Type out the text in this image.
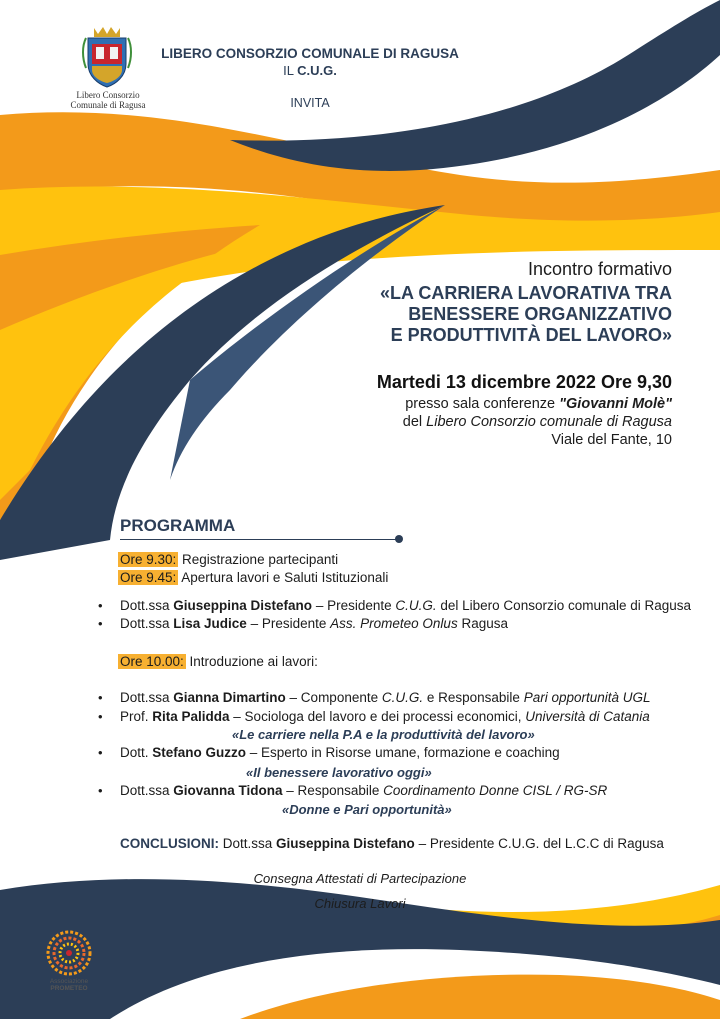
Libero Consorzio
Comunale di Ragusa
LIBERO CONSORZIO COMUNALE DI RAGUSA
IL C.U.G.
INVITA
Incontro formativo
«LA CARRIERA LAVORATIVA TRA
BENESSERE ORGANIZZATIVO
E PRODUTTIVITÀ DEL LAVORO»
Martedi 13 dicembre 2022 Ore 9,30
presso sala conferenze "Giovanni Molè"
del Libero Consorzio comunale di Ragusa
Viale del Fante, 10
PROGRAMMA
Ore 9.30: Registrazione partecipanti
Ore 9.45: Apertura lavori e Saluti Istituzionali
• Dott.ssa Giuseppina Distefano – Presidente C.U.G. del Libero Consorzio comunale di Ragusa
• Dott.ssa Lisa Judice – Presidente Ass. Prometeo Onlus Ragusa
Ore 10.00: Introduzione ai lavori:
• Dott.ssa Gianna Dimartino – Componente C.U.G. e Responsabile Pari opportunità UGL
• Prof. Rita Palidda – Sociologa del lavoro e dei processi economici, Università di Catania
«Le carriere nella P.A e la produttività del lavoro»
• Dott. Stefano Guzzo – Esperto in Risorse umane, formazione e coaching
«Il benessere lavorativo oggi»
• Dott.ssa Giovanna Tidona – Responsabile Coordinamento Donne CISL / RG-SR
«Donne e Pari opportunità»
CONCLUSIONI: Dott.ssa Giuseppina Distefano – Presidente C.U.G. del L.C.C di Ragusa
Consegna Attestati di Partecipazione
Chiusura Lavori
Associazione
PROMETEO
